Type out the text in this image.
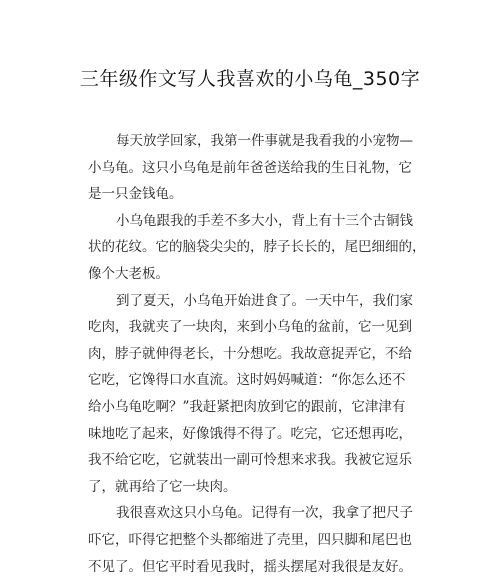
三年级作文写人我喜欢的小乌龟_350字
每天放学回家，我第一件事就是我看我的小宠物—
小乌龟。这只小乌龟是前年爸爸送给我的生日礼物，它
是一只金钱龟。
小乌龟跟我的手差不多大小，背上有十三个古铜钱
状的花纹。它的脑袋尖尖的，脖子长长的，尾巴细细的，
像个大老板。
到了夏天，小乌龟开始进食了。一天中午，我们家
吃肉，我就夹了一块肉，来到小乌龟的盆前，它一见到
肉，脖子就伸得老长，十分想吃。我故意捉弄它，不给
它吃，它馋得口水直流。这时妈妈喊道：“你怎么还不
给小乌龟吃啊？”我赶紧把肉放到它的跟前，它津津有
味地吃了起来，好像饿得不得了。吃完，它还想再吃，
我不给它吃，它就装出一副可怜想来求我。我被它逗乐
了，就再给了它一块肉。
我很喜欢这只小乌龟。记得有一次，我拿了把尺子
吓它，吓得它把整个头都缩进了壳里，四只脚和尾巴也
不见了。但它平时看见我时，摇头摆尾对我很是友好。
